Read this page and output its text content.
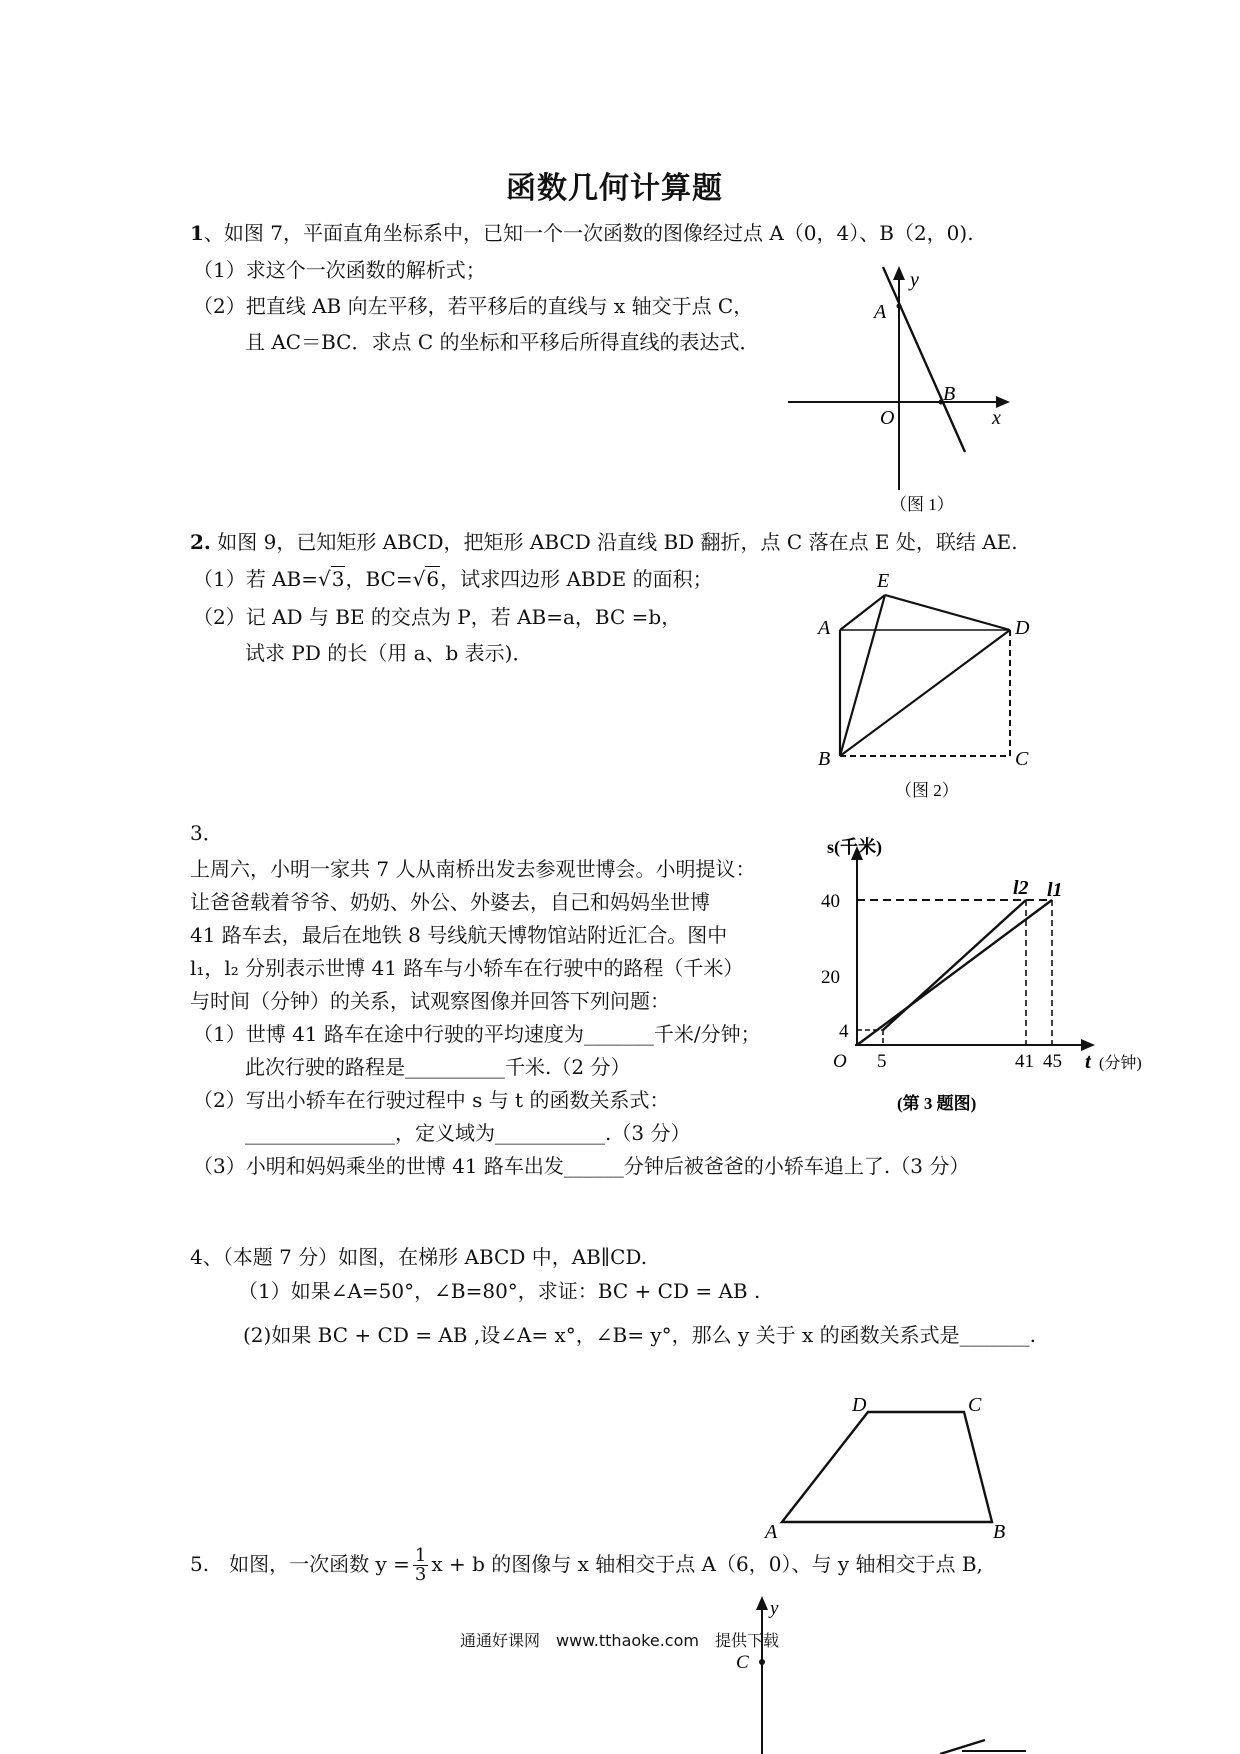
函数几何计算题
1、如图 7，平面直角坐标系中，已知一个一次函数的图像经过点 A（0，4）、B（2，0).
（1）求这个一次函数的解析式；
（2）把直线 AB 向左平移，若平移后的直线与 x 轴交于点 C，
且 AC＝BC．求点 C 的坐标和平移后所得直线的表达式．
y
A
B
O	x
（图 1）
2. 如图 9，已知矩形 ABCD，把矩形 ABCD 沿直线 BD 翻折，点 C 落在点 E 处，联结 AE.
（1）若 AB=√3，BC=√6，试求四边形 ABDE 的面积；
（2）记 AD 与 BE 的交点为 P，若 AB=a，BC =b，
试求 PD 的长（用 a、b 表示)．
E
A	D
B	C
（图 2）
3．
上周六，小明一家共 7 人从南桥出发去参观世博会。小明提议：
让爸爸载着爷爷、奶奶、外公、外婆去，自己和妈妈坐世博
41 路车去，最后在地铁 8 号线航天博物馆站附近汇合。图中
l₁，l₂ 分别表示世博 41 路车与小轿车在行驶中的路程（千米）
与时间（分钟）的关系，试观察图像并回答下列问题：
（1）世博 41 路车在途中行驶的平均速度为_______千米/分钟；
此次行驶的路程是__________千米.（2 分）
（2）写出小轿车在行驶过程中 s 与 t 的函数关系式：
_______________，定义域为___________.（3 分）
（3）小明和妈妈乘坐的世博 41 路车出发______分钟后被爸爸的小轿车追上了.（3 分）
s(千米)
40
20
4
O 5	41 45 t (分钟)
l2 l1
(第 3 题图)
4、（本题 7 分）如图，在梯形 ABCD 中，AB∥CD.
（1）如果∠A=50°，∠B=80°，求证：BC + CD = AB .
(2)如果 BC + CD = AB ,设∠A= x°，∠B= y°，那么 y 关于 x 的函数关系式是_______.
D	C
A	B
5.　如图，一次函数 $y = \frac{1}{3}$ x + b 的图像与 x 轴相交于点 A（6，0）、与 y 轴相交于点 B,
y
C
通通好课网　www.tthaoke.com　提供下载
